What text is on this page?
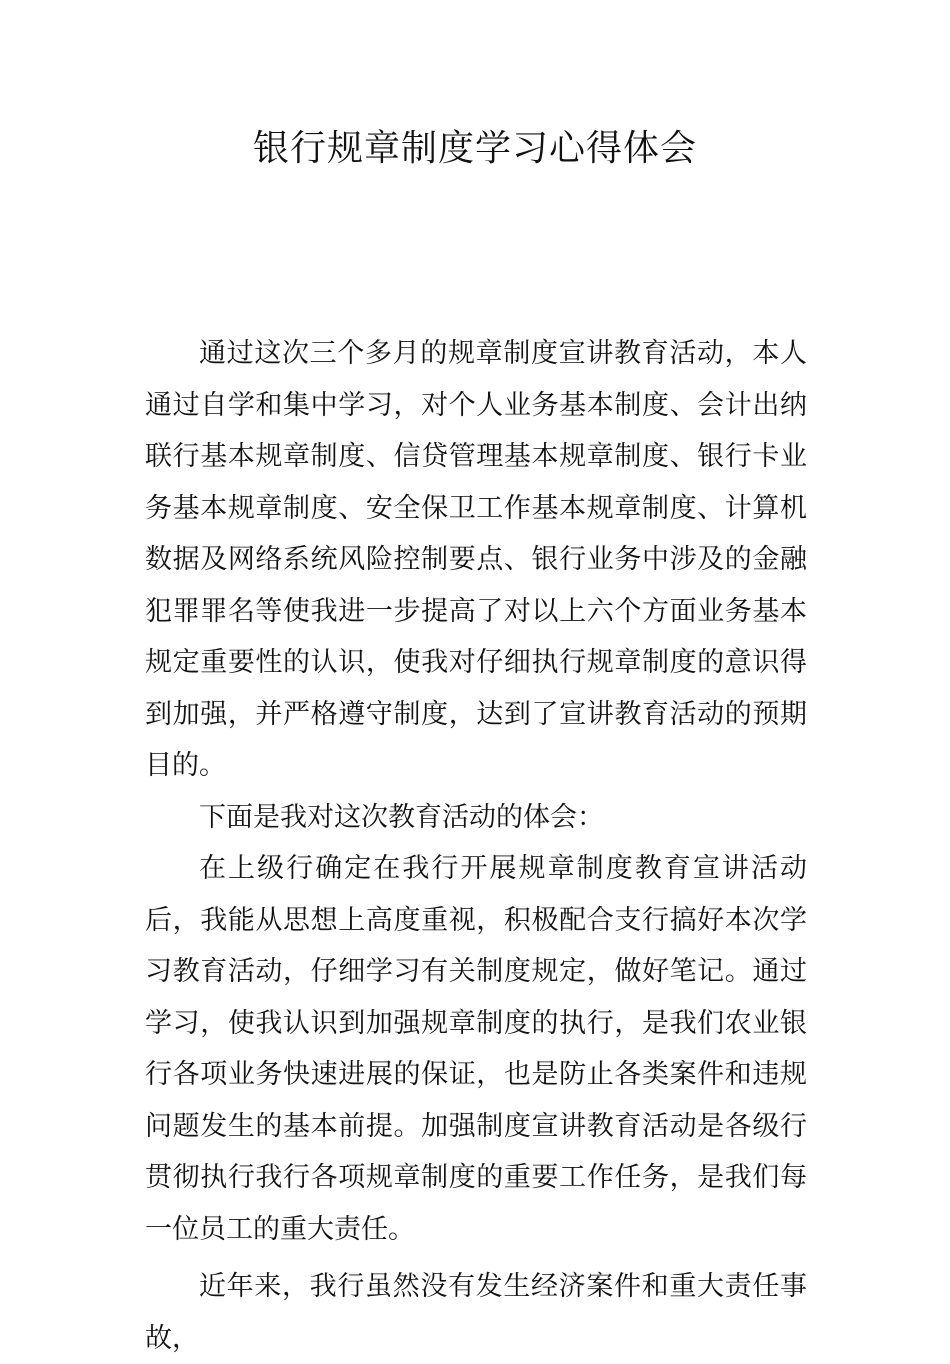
银行规章制度学习心得体会

通过这次三个多月的规章制度宣讲教育活动，本人通过自学和集中学习，对个人业务基本制度、会计出纳联行基本规章制度、信贷管理基本规章制度、银行卡业务基本规章制度、安全保卫工作基本规章制度、计算机数据及网络系统风险控制要点、银行业务中涉及的金融犯罪罪名等使我进一步提高了对以上六个方面业务基本规定重要性的认识，使我对仔细执行规章制度的意识得到加强，并严格遵守制度，达到了宣讲教育活动的预期目的。

下面是我对这次教育活动的体会：

在上级行确定在我行开展规章制度教育宣讲活动后，我能从思想上高度重视，积极配合支行搞好本次学习教育活动，仔细学习有关制度规定，做好笔记。通过学习，使我认识到加强规章制度的执行，是我们农业银行各项业务快速进展的保证，也是防止各类案件和违规问题发生的基本前提。加强制度宣讲教育活动是各级行贯彻执行我行各项规章制度的重要工作任务，是我们每一位员工的重大责任。

近年来，我行虽然没有发生经济案件和重大责任事故，
